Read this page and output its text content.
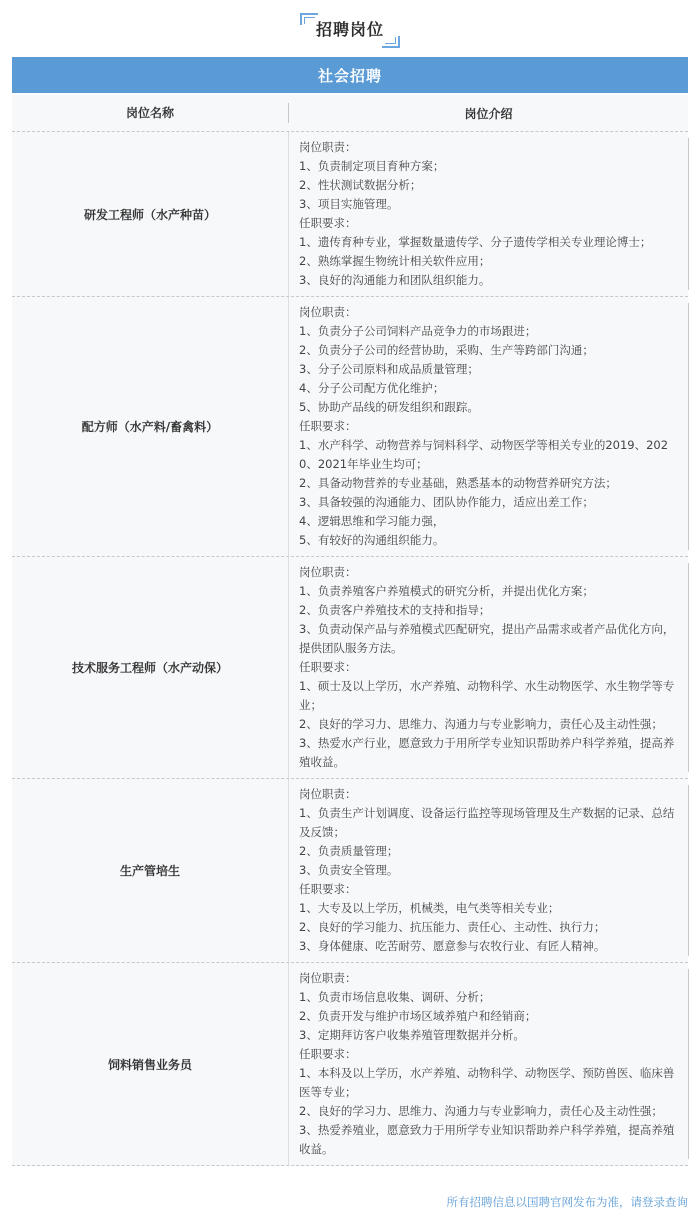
招聘岗位
社会招聘
岗位名称	岗位介绍
研发工程师（水产种苗）
岗位职责：
1、负责制定项目育种方案；
2、性状测试数据分析；
3、项目实施管理。
任职要求：
1、遗传育种专业，掌握数量遗传学、分子遗传学相关专业理论博士；
2、熟练掌握生物统计相关软件应用；
3、良好的沟通能力和团队组织能力。
配方师（水产料/畜禽料）
岗位职责：
1、负责分子公司饲料产品竞争力的市场跟进；
2、负责分子公司的经营协助，采购、生产等跨部门沟通；
3、分子公司原料和成品质量管理；
4、分子公司配方优化维护；
5、协助产品线的研发组织和跟踪。
任职要求：
1、水产科学、动物营养与饲料科学、动物医学等相关专业的2019、2020、2021年毕业生均可；
2、具备动物营养的专业基础，熟悉基本的动物营养研究方法；
3、具备较强的沟通能力、团队协作能力，适应出差工作；
4、逻辑思维和学习能力强，
5、有较好的沟通组织能力。
技术服务工程师（水产动保）
岗位职责：
1、负责养殖客户养殖模式的研究分析，并提出优化方案；
2、负责客户养殖技术的支持和指导；
3、负责动保产品与养殖模式匹配研究，提出产品需求或者产品优化方向，提供团队服务方法。
任职要求：
1、硕士及以上学历，水产养殖、动物科学、水生动物医学、水生物学等专业；
2、良好的学习力、思维力、沟通力与专业影响力，责任心及主动性强；
3、热爱水产行业，愿意致力于用所学专业知识帮助养户科学养殖，提高养殖收益。
生产管培生
岗位职责：
1、负责生产计划调度、设备运行监控等现场管理及生产数据的记录、总结及反馈；
2、负责质量管理；
3、负责安全管理。
任职要求：
1、大专及以上学历，机械类，电气类等相关专业；
2、良好的学习能力、抗压能力、责任心、主动性、执行力；
3、身体健康、吃苦耐劳、愿意参与农牧行业、有匠人精神。
饲料销售业务员
岗位职责：
1、负责市场信息收集、调研、分析；
2、负责开发与维护市场区域养殖户和经销商；
3、定期拜访客户收集养殖管理数据并分析。
任职要求：
1、本科及以上学历，水产养殖、动物科学、动物医学、预防兽医、临床兽医等专业；
2、良好的学习力、思维力、沟通力与专业影响力，责任心及主动性强；
3、热爱养殖业，愿意致力于用所学专业知识帮助养户科学养殖，提高养殖收益。
所有招聘信息以国聘官网发布为准，请登录查询
